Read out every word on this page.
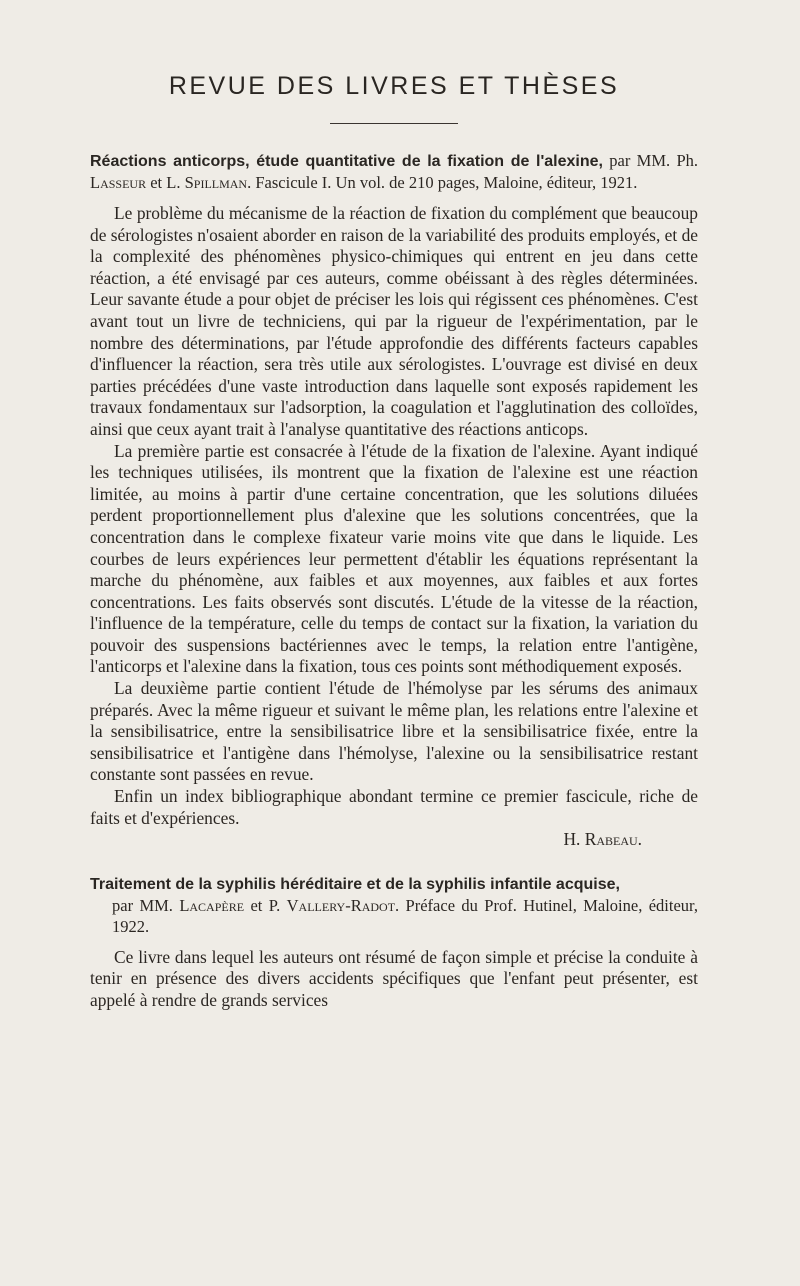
REVUE DES LIVRES ET THÈSES
Réactions anticorps, étude quantitative de la fixation de l'alexine, par MM. Ph. Lasseur et L. Spillman. Fascicule I. Un vol. de 210 pages, Maloine, éditeur, 1921.

Le problème du mécanisme de la réaction de fixation du complément que beaucoup de sérologistes n'osaient aborder en raison de la variabilité des produits employés, et de la complexité des phénomènes physico-chimiques qui entrent en jeu dans cette réaction, a été envisagé par ces auteurs, comme obéissant à des règles déterminées. Leur savante étude a pour objet de préciser les lois qui régissent ces phénomènes. C'est avant tout un livre de techniciens, qui par la rigueur de l'expérimentation, par le nombre des déterminations, par l'étude approfondie des différents facteurs capables d'influencer la réaction, sera très utile aux sérologistes. L'ouvrage est divisé en deux parties précédées d'une vaste introduction dans laquelle sont exposés rapidement les travaux fondamentaux sur l'adsorption, la coagulation et l'agglutination des colloïdes, ainsi que ceux ayant trait à l'analyse quantitative des réactions anticops.

La première partie est consacrée à l'étude de la fixation de l'alexine. Ayant indiqué les techniques utilisées, ils montrent que la fixation de l'alexine est une réaction limitée, au moins à partir d'une certaine concentration, que les solutions diluées perdent proportionnellement plus d'alexine que les solutions concentrées, que la concentration dans le complexe fixateur varie moins vite que dans le liquide. Les courbes de leurs expériences leur permettent d'établir les équations représentant la marche du phénomène, aux faibles et aux moyennes, aux faibles et aux fortes concentrations. Les faits observés sont discutés. L'étude de la vitesse de la réaction, l'influence de la température, celle du temps de contact sur la fixation, la variation du pouvoir des suspensions bactériennes avec le temps, la relation entre l'antigène, l'anticorps et l'alexine dans la fixation, tous ces points sont méthodiquement exposés.

La deuxième partie contient l'étude de l'hémolyse par les sérums des animaux préparés. Avec la même rigueur et suivant le même plan, les relations entre l'alexine et la sensibilisatrice, entre la sensibilisatrice libre et la sensibilisatrice fixée, entre la sensibilisatrice et l'antigène dans l'hémolyse, l'alexine ou la sensibilisatrice restant constante sont passées en revue.

Enfin un index bibliographique abondant termine ce premier fascicule, riche de faits et d'expériences.

H. Rabeau.
Traitement de la syphilis héréditaire et de la syphilis infantile acquise,
par MM. Lacapère et P. Vallery-Radot. Préface du Prof. Hutinel, Maloine, éditeur, 1922.

Ce livre dans lequel les auteurs ont résumé de façon simple et précise la conduite à tenir en présence des divers accidents spécifiques que l'enfant peut présenter, est appelé à rendre de grands services
